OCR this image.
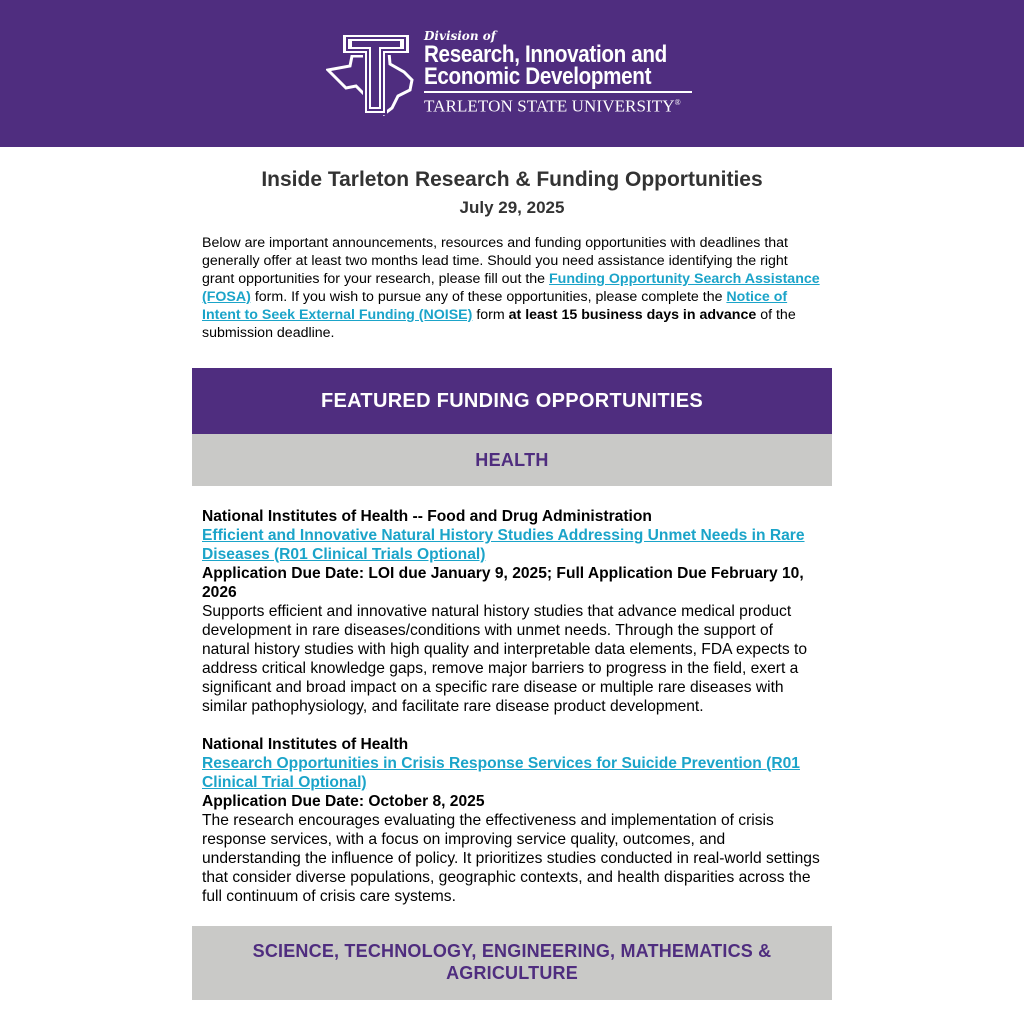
Division of
Research, Innovation and
Economic Development
TARLETON STATE UNIVERSITY®
Inside Tarleton Research & Funding Opportunities
July 29, 2025
Below are important announcements, resources and funding opportunities with deadlines that generally offer at least two months lead time. Should you need assistance identifying the right grant opportunities for your research, please fill out the Funding Opportunity Search Assistance (FOSA) form. If you wish to pursue any of these opportunities, please complete the Notice of Intent to Seek External Funding (NOISE) form at least 15 business days in advance of the submission deadline.
FEATURED FUNDING OPPORTUNITIES
HEALTH
National Institutes of Health -- Food and Drug Administration
Efficient and Innovative Natural History Studies Addressing Unmet Needs in Rare Diseases (R01 Clinical Trials Optional)
Application Due Date: LOI due January 9, 2025; Full Application Due February 10, 2026
Supports efficient and innovative natural history studies that advance medical product development in rare diseases/conditions with unmet needs. Through the support of natural history studies with high quality and interpretable data elements, FDA expects to address critical knowledge gaps, remove major barriers to progress in the field, exert a significant and broad impact on a specific rare disease or multiple rare diseases with similar pathophysiology, and facilitate rare disease product development.
National Institutes of Health
Research Opportunities in Crisis Response Services for Suicide Prevention (R01 Clinical Trial Optional)
Application Due Date: October 8, 2025
The research encourages evaluating the effectiveness and implementation of crisis response services, with a focus on improving service quality, outcomes, and understanding the influence of policy. It prioritizes studies conducted in real-world settings that consider diverse populations, geographic contexts, and health disparities across the full continuum of crisis care systems.
SCIENCE, TECHNOLOGY, ENGINEERING, MATHEMATICS & AGRICULTURE
